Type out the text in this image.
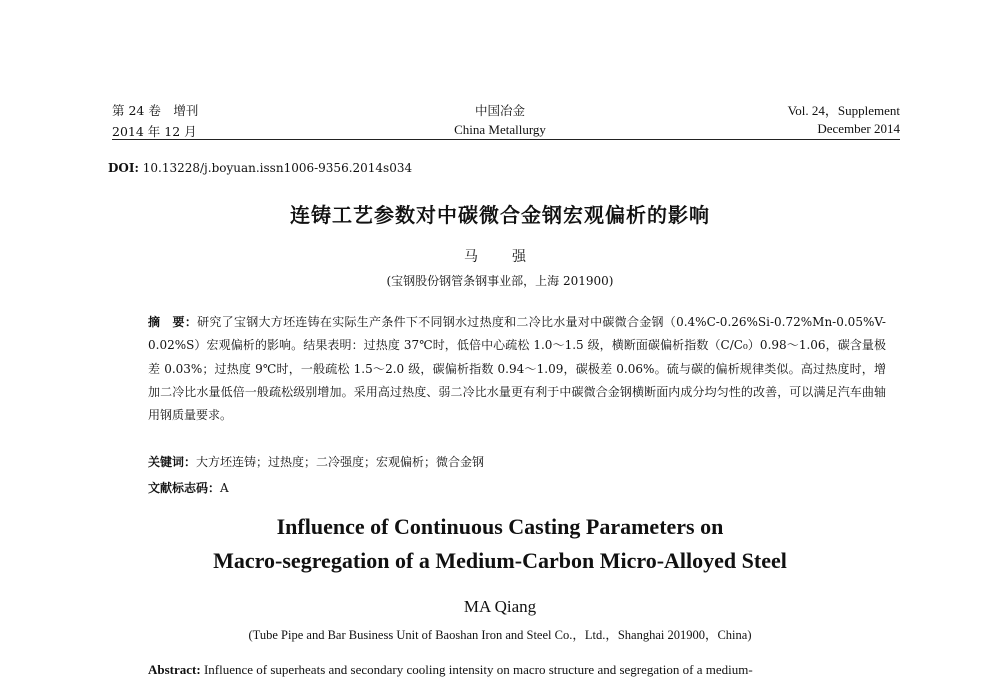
第 24 卷　增刊
2014 年 12 月
中国冶金
China Metallurgy
Vol. 24，Supplement
December 2014
DOI: 10.13228/j.boyuan.issn1006-9356.2014s034
连铸工艺参数对中碳微合金钢宏观偏析的影响
马　强
(宝钢股份钢管条钢事业部，上海 201900)
摘　要：研究了宝钢大方坯连铸在实际生产条件下不同钢水过热度和二冷比水量对中碳微合金钢（0.4%C-0.26%Si-0.72%Mn-0.05%V-0.02%S）宏观偏析的影响。结果表明：过热度 37℃时，低倍中心疏松 1.0～1.5 级，横断面碳偏析指数（C/C₀）0.98～1.06，碳含量极差 0.03%；过热度 9℃时，一般疏松 1.5～2.0 级，碳偏析指数 0.94～1.09，碳极差 0.06%。硫与碳的偏析规律类似。高过热度时，增加二冷比水量低倍一般疏松级别增加。采用高过热度、弱二冷比水量更有利于中碳微合金钢横断面内成分均匀性的改善，可以满足汽车曲轴用钢质量要求。
关键词：大方坯连铸；过热度；二冷强度；宏观偏析；微合金钢
文献标志码：A
Influence of Continuous Casting Parameters on
Macro-segregation of a Medium-Carbon Micro-Alloyed Steel
MA Qiang
(Tube Pipe and Bar Business Unit of Baoshan Iron and Steel Co.，Ltd.，Shanghai 201900，China)
Abstract: Influence of superheats and secondary cooling intensity on macro structure and segregation of a medium-
